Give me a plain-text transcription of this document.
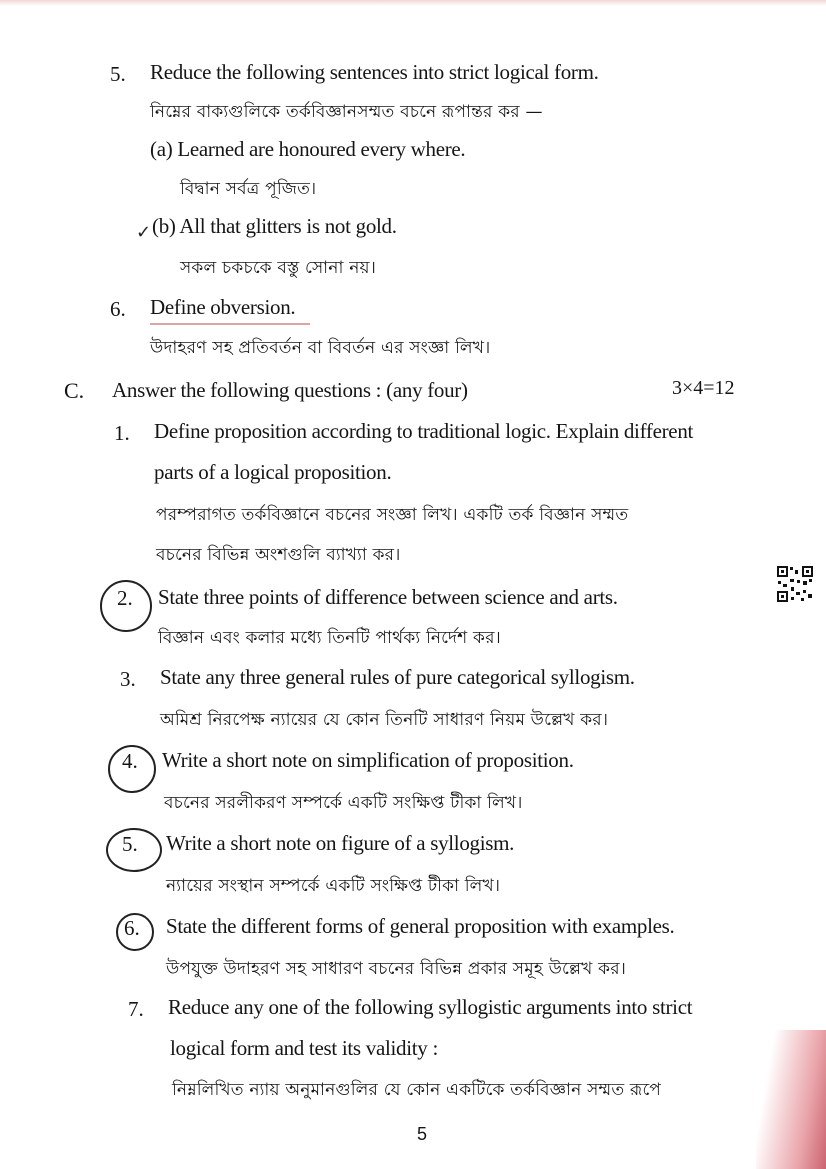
5. Reduce the following sentences into strict logical form.
নিম্নের বাক্যগুলিকে তর্কবিজ্ঞানসম্মত বচনে রূপান্তর কর —
(a) Learned are honoured every where.
বিদ্বান সর্বত্র পূজিত।
✓ (b) All that glitters is not gold.
সকল চকচকে বস্তু সোনা নয়।
6. Define obversion.
উদাহরণ সহ প্রতিবর্তন বা বিবর্তন এর সংজ্ঞা লিখ।
C. Answer the following questions : (any four)	3×4=12
1. Define proposition according to traditional logic. Explain different
parts of a logical proposition.
পরম্পরাগত তর্কবিজ্ঞানে বচনের সংজ্ঞা লিখ। একটি তর্ক বিজ্ঞান সম্মত
বচনের বিভিন্ন অংশগুলি ব্যাখ্যা কর।
2. State three points of difference between science and arts.
বিজ্ঞান এবং কলার মধ্যে তিনটি পার্থক্য নির্দেশ কর।
3. State any three general rules of pure categorical syllogism.
অমিশ্র নিরপেক্ষ ন্যায়ের যে কোন তিনটি সাধারণ নিয়ম উল্লেখ কর।
4. Write a short note on simplification of proposition.
বচনের সরলীকরণ সম্পর্কে একটি সংক্ষিপ্ত টীকা লিখ।
5. Write a short note on figure of a syllogism.
ন্যায়ের সংস্থান সম্পর্কে একটি সংক্ষিপ্ত টীকা লিখ।
6. State the different forms of general proposition with examples.
উপযুক্ত উদাহরণ সহ সাধারণ বচনের বিভিন্ন প্রকার সমূহ উল্লেখ কর।
7. Reduce any one of the following syllogistic arguments into strict
logical form and test its validity :
নিম্নলিখিত ন্যায় অনুমানগুলির যে কোন একটিকে তর্কবিজ্ঞান সম্মত রূপে
5
